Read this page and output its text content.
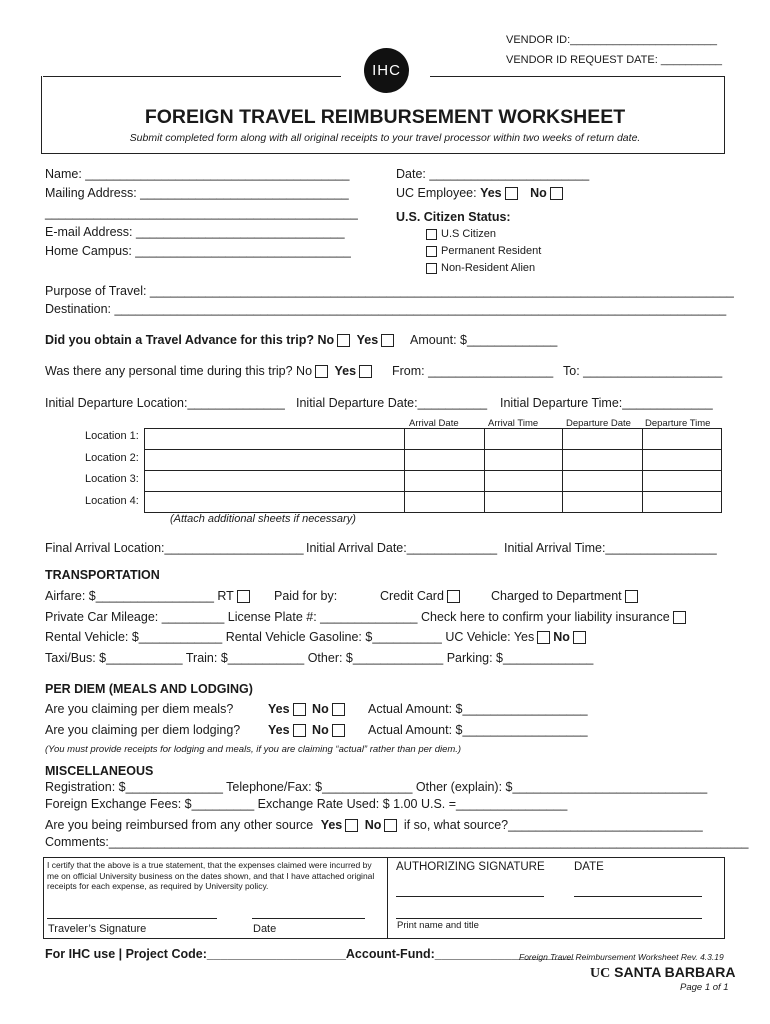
VENDOR ID:________________________
VENDOR ID REQUEST DATE: __________
IHC
FOREIGN TRAVEL REIMBURSEMENT WORKSHEET
Submit completed form along with all original receipts to your travel processor within two weeks of return date.
Name: ______________________________________
Mailing Address: ______________________________
_____________________________________________
E-mail Address: ______________________________
Home Campus: _______________________________
Date: _______________________
UC Employee: Yes No
U.S. Citizen Status:
U.S Citizen
Permanent Resident
Non-Resident Alien
Purpose of Travel: ____________________________________________________________________________________
Destination: ________________________________________________________________________________________
Did you obtain a Travel Advance for this trip? No Yes	Amount: $_____________
Was there any personal time during this trip? No Yes	From: __________________ To: ____________________
Initial Departure Location:______________ Initial Departure Date:__________ Initial Departure Time:_____________
Arrival Date	Arrival Time	Departure Date Departure Time
Location 1:
Location 2:
Location 3:
Location 4:
(Attach additional sheets if necessary)
Final Arrival Location:____________________ Initial Arrival Date:_____________ Initial Arrival Time:________________
TRANSPORTATION
Airfare: $_________________ RT	Paid for by:	Credit Card	Charged to Department
Private Car Mileage: _________ License Plate #: ______________ Check here to confirm your liability insurance
Rental Vehicle: $____________ Rental Vehicle Gasoline: $__________ UC Vehicle: Yes No
Taxi/Bus: $___________ Train: $___________ Other: $_____________ Parking: $_____________
PER DIEM (MEALS AND LODGING)
Are you claiming per diem meals?	Yes No	Actual Amount: $__________________
Are you claiming per diem lodging? Yes No	Actual Amount: $__________________
(You must provide receipts for lodging and meals, if you are claiming “actual” rather than per diem.)
MISCELLANEOUS
Registration: $______________ Telephone/Fax: $_____________ Other (explain): $____________________________
Foreign Exchange Fees: $_________ Exchange Rate Used: $ 1.00 U.S. =________________
Are you being reimbursed from any other source Yes No if so, what source?____________________________
Comments:____________________________________________________________________________________________
I certify that the above is a true statement, that the expenses claimed were incurred by me on official University business on the dates shown, and that I have attached original receipts for each expense, as required by University policy.
Traveler’s Signature	Date
AUTHORIZING SIGNATURE	DATE
Print name and title
For IHC use | Project Code:____________________Account-Fund:____________________
Foreign Travel Reimbursement Worksheet Rev. 4.3.19
UC SANTA BARBARA
Page 1 of 1
